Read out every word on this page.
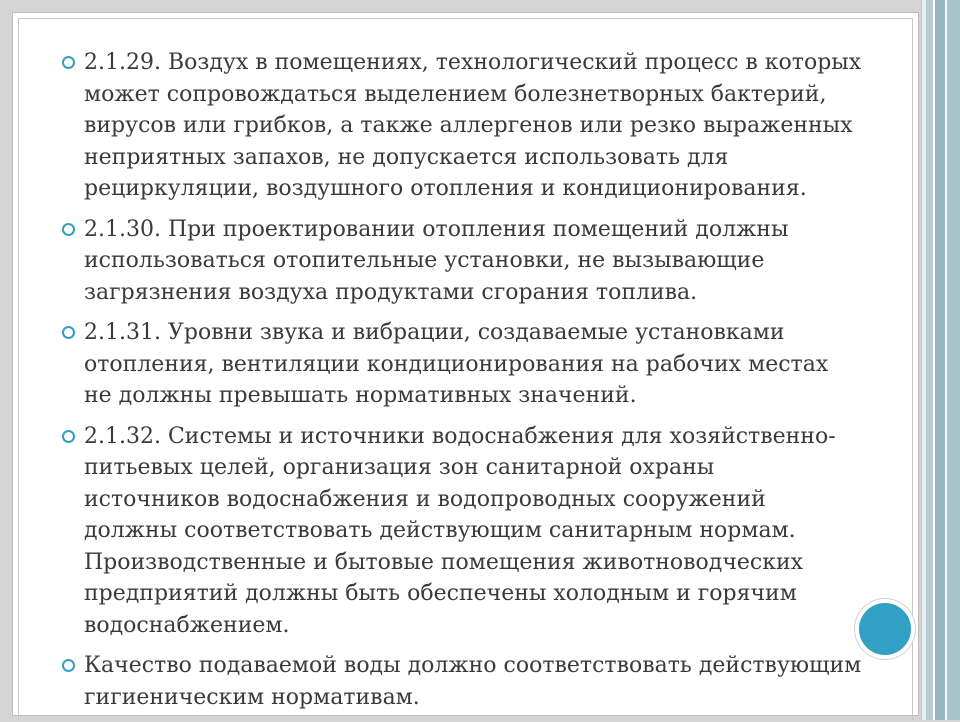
2.1.29. Воздух в помещениях, технологический процесс в которых
может сопровождаться выделением болезнетворных бактерий,
вирусов или грибков, а также аллергенов или резко выраженных
неприятных запахов, не допускается использовать для
рециркуляции, воздушного отопления и кондиционирования.
2.1.30. При проектировании отопления помещений должны
использоваться отопительные установки, не вызывающие
загрязнения воздуха продуктами сгорания топлива.
2.1.31. Уровни звука и вибрации, создаваемые установками
отопления, вентиляции кондиционирования на рабочих местах
не должны превышать нормативных значений.
2.1.32. Системы и источники водоснабжения для хозяйственно-
питьевых целей, организация зон санитарной охраны
источников водоснабжения и водопроводных сооружений
должны соответствовать действующим санитарным нормам.
Производственные и бытовые помещения животноводческих
предприятий должны быть обеспечены холодным и горячим
водоснабжением.
Качество подаваемой воды должно соответствовать действующим
гигиеническим нормативам.
